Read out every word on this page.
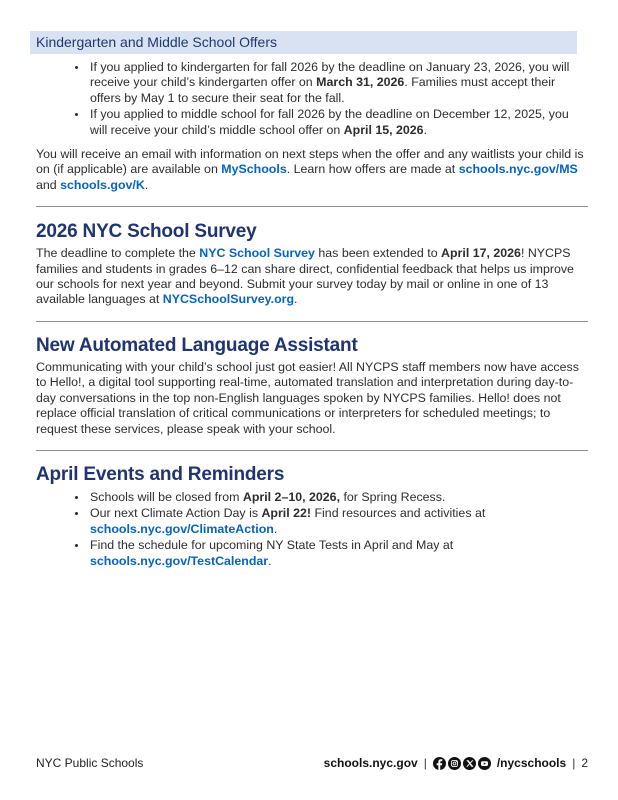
Kindergarten and Middle School Offers
• If you applied to kindergarten for fall 2026 by the deadline on January 23, 2026, you will receive your child’s kindergarten offer on March 31, 2026. Families must accept their offers by May 1 to secure their seat for the fall.
• If you applied to middle school for fall 2026 by the deadline on December 12, 2025, you will receive your child’s middle school offer on April 15, 2026.

You will receive an email with information on next steps when the offer and any waitlists your child is on (if applicable) are available on MySchools. Learn how offers are made at schools.nyc.gov/MS and schools.gov/K.

2026 NYC School Survey

The deadline to complete the NYC School Survey has been extended to April 17, 2026! NYCPS families and students in grades 6–12 can share direct, confidential feedback that helps us improve our schools for next year and beyond. Submit your survey today by mail or online in one of 13 available languages at NYCSchoolSurvey.org.

New Automated Language Assistant

Communicating with your child’s school just got easier! All NYCPS staff members now have access to Hello!, a digital tool supporting real-time, automated translation and interpretation during day-to-day conversations in the top non-English languages spoken by NYCPS families. Hello! does not replace official translation of critical communications or interpreters for scheduled meetings; to request these services, please speak with your school.

April Events and Reminders
• Schools will be closed from April 2–10, 2026, for Spring Recess.
• Our next Climate Action Day is April 22! Find resources and activities at schools.nyc.gov/ClimateAction.
• Find the schedule for upcoming NY State Tests in April and May at schools.nyc.gov/TestCalendar.
NYC Public Schools	schools.nyc.gov |	/nycschools | 2
